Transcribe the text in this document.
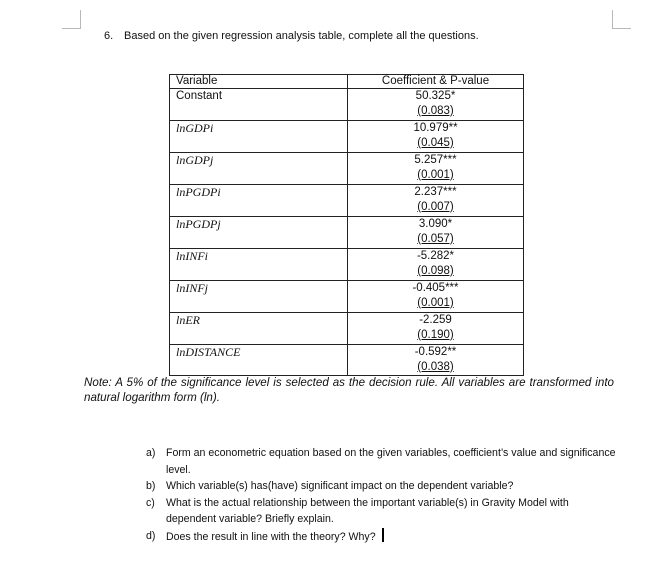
6. Based on the given regression analysis table, complete all the questions.
Variable	Coefficient & P-value
Constant	50.325*
(0.083)

lnGDPi	10.979**
(0.045)

lnGDPj	5.257***
(0.001)

lnPGDPi	2.237***
(0.007)

lnPGDPj	3.090*
(0.057)

lnINFi	-5.282*
(0.098)

lnINFj	-0.405***
(0.001)

lnER	-2.259
(0.190)

lnDISTANCE	-0.592**
(0.038)
Note: A 5% of the significance level is selected as the decision rule. All variables are transformed into natural logarithm form (ln).
a) Form an econometric equation based on the given variables, coefficient’s value and significance level.
b) Which variable(s) has(have) significant impact on the dependent variable?
c) What is the actual relationship between the important variable(s) in Gravity Model with dependent variable? Briefly explain.
d) Does the result in line with the theory? Why?
